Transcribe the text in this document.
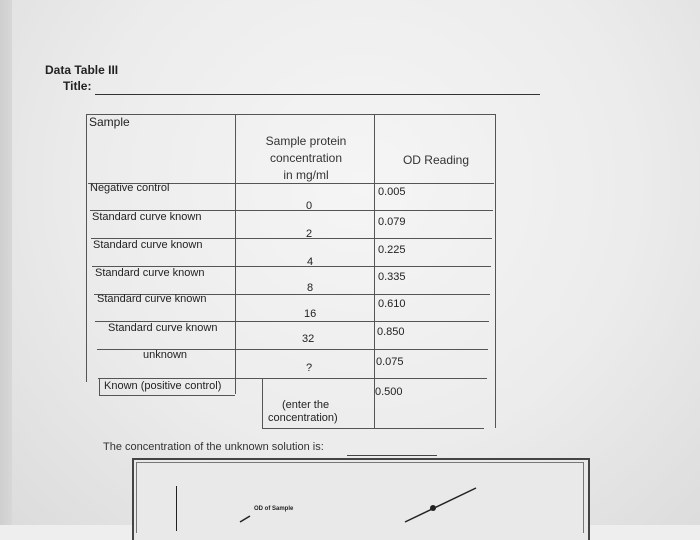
Data Table III
Title:
Sample
Sample protein
concentration
in mg/ml
OD Reading
Negative control
Standard curve known
Standard curve known
Standard curve known
Standard curve known
Standard curve known
unknown
Known (positive control)
0
2
4
8
16
32
?
0.005
0.079
0.225
0.335
0.610
0.850
0.075
0.500
(enter the
concentration)
The concentration of the unknown solution is:
OD of Sample
